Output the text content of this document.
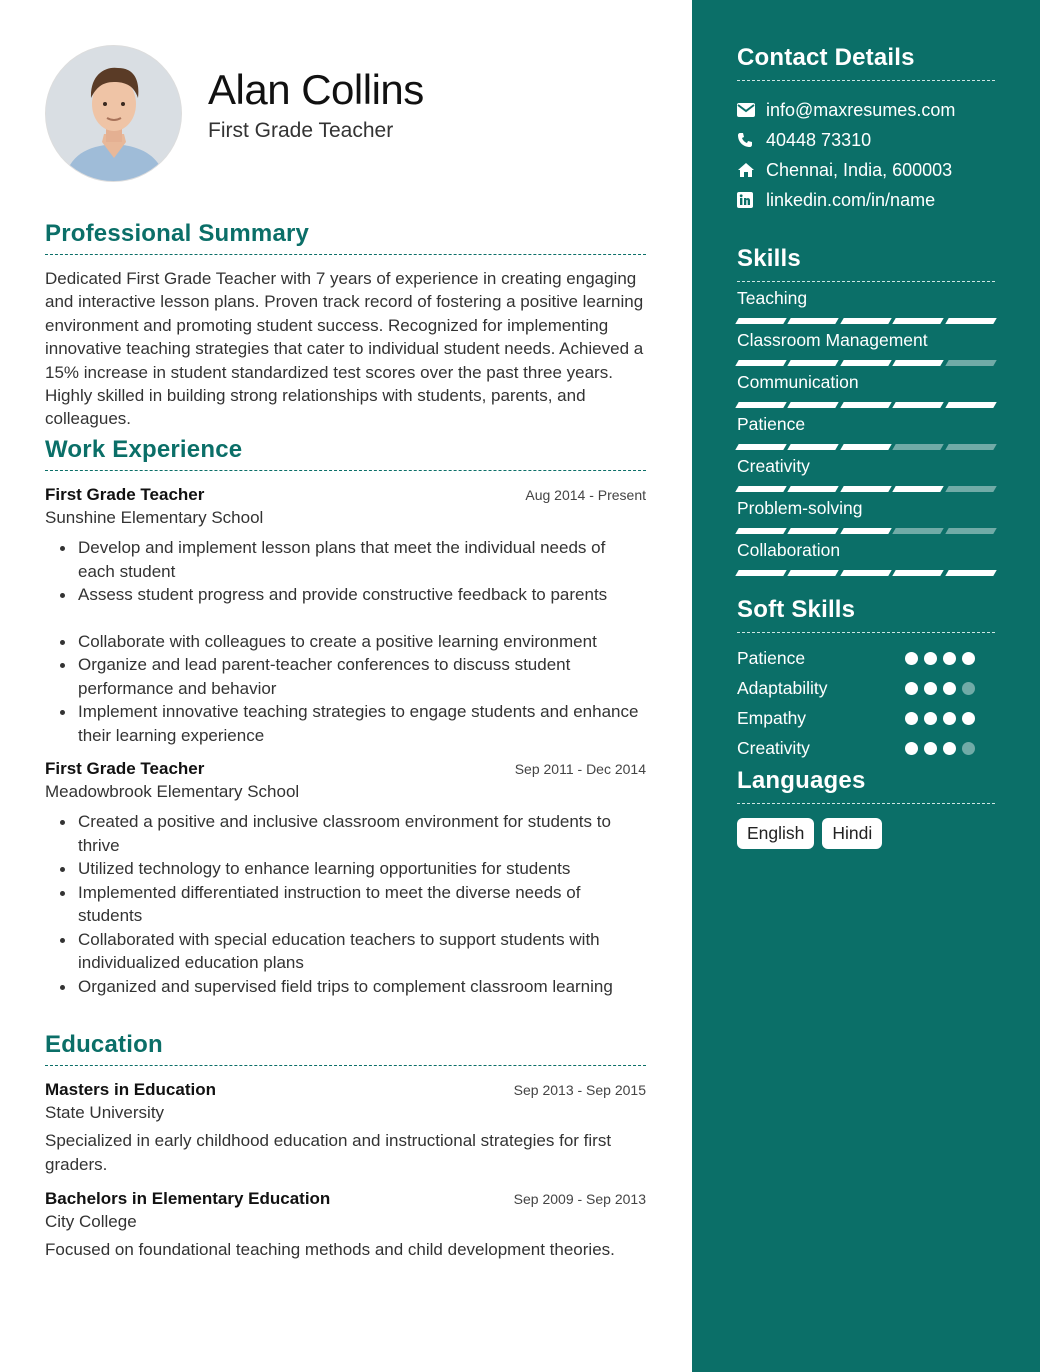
Alan Collins
First Grade Teacher
Professional Summary

Dedicated First Grade Teacher with 7 years of experience in creating engaging and interactive lesson plans. Proven track record of fostering a positive learning environment and promoting student success. Recognized for implementing innovative teaching strategies that cater to individual student needs. Achieved a 15% increase in student standardized test scores over the past three years. Highly skilled in building strong relationships with students, parents, and colleagues.

Work Experience
First Grade Teacher	Aug 2014 - Present
Sunshine Elementary School
Develop and implement lesson plans that meet the individual needs of each student
Assess student progress and provide constructive feedback to parents
Collaborate with colleagues to create a positive learning environment
Organize and lead parent-teacher conferences to discuss student performance and behavior
Implement innovative teaching strategies to engage students and enhance their learning experience
First Grade Teacher	Sep 2011 - Dec 2014
Meadowbrook Elementary School
Created a positive and inclusive classroom environment for students to thrive
Utilized technology to enhance learning opportunities for students
Implemented differentiated instruction to meet the diverse needs of students
Collaborated with special education teachers to support students with individualized education plans
Organized and supervised field trips to complement classroom learning
Education
Masters in Education	Sep 2013 - Sep 2015
State University

Specialized in early childhood education and instructional strategies for first graders.

Bachelors in Elementary Education	Sep 2009 - Sep 2013
City College

Focused on foundational teaching methods and child development theories.

Contact Details
info@maxresumes.com
40448 73310
Chennai, India, 600003
linkedin.com/in/name
Skills
Teaching
Classroom Management
Communication
Patience
Creativity
Problem-solving
Collaboration
Soft Skills
Patience
Adaptability
Empathy
Creativity
Languages
English	Hindi
